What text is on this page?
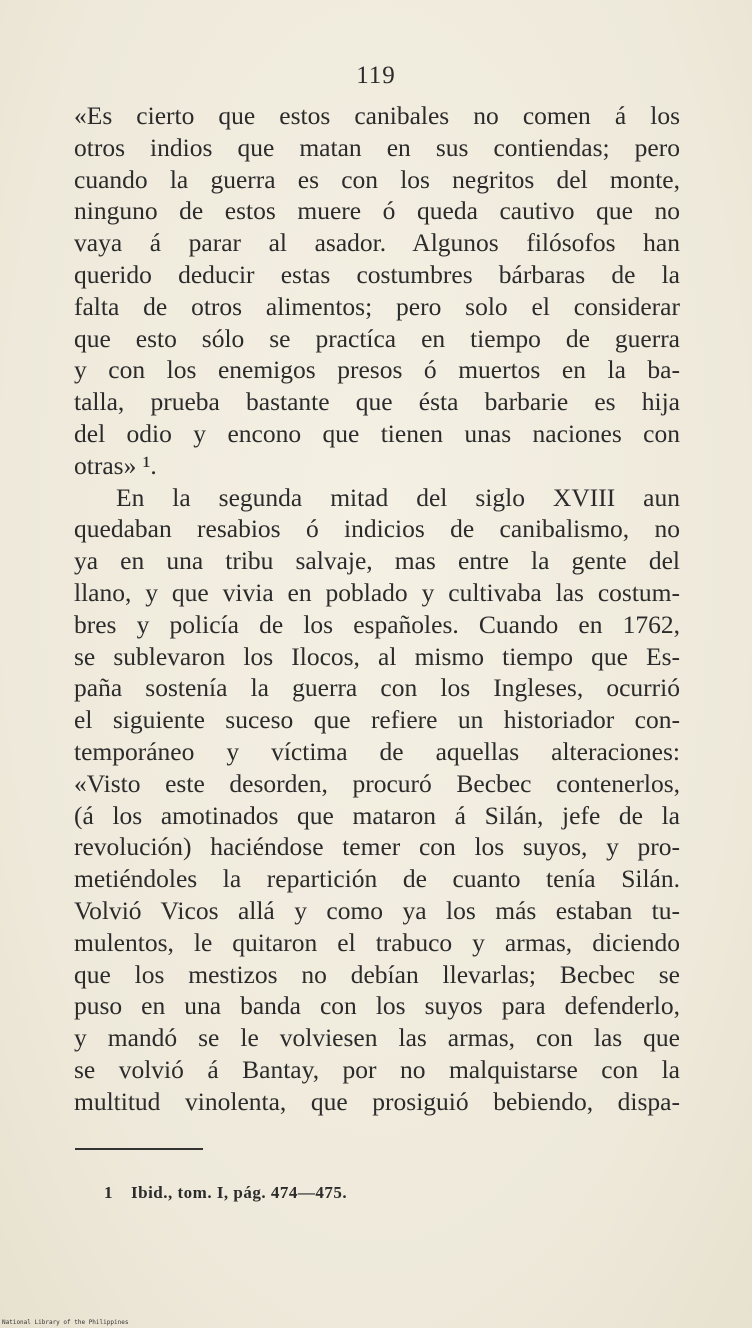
119
«Es cierto que estos canibales no comen á los
otros indios que matan en sus contiendas; pero
cuando la guerra es con los negritos del monte,
ninguno de estos muere ó queda cautivo que no
vaya á parar al asador. Algunos filósofos han
querido deducir estas costumbres bárbaras de la
falta de otros alimentos; pero solo el considerar
que esto sólo se practíca en tiempo de guerra
y con los enemigos presos ó muertos en la ba-
talla, prueba bastante que ésta barbarie es hija
del odio y encono que tienen unas naciones con
otras» ¹.
En la segunda mitad del siglo XVIII aun
quedaban resabios ó indicios de canibalismo, no
ya en una tribu salvaje, mas entre la gente del
llano, y que vivia en poblado y cultivaba las costum-
bres y policía de los españoles. Cuando en 1762,
se sublevaron los Ilocos, al mismo tiempo que Es-
paña sostenía la guerra con los Ingleses, ocurrió
el siguiente suceso que refiere un historiador con-
temporáneo y víctima de aquellas alteraciones:
«Visto este desorden, procuró Becbec contenerlos,
(á los amotinados que mataron á Silán, jefe de la
revolución) haciéndose temer con los suyos, y pro-
metiéndoles la repartición de cuanto tenía Silán.
Volvió Vicos allá y como ya los más estaban tu-
mulentos, le quitaron el trabuco y armas, diciendo
que los mestizos no debían llevarlas; Becbec se
puso en una banda con los suyos para defenderlo,
y mandó se le volviesen las armas, con las que
se volvió á Bantay, por no malquistarse con la
multitud vinolenta, que prosiguió bebiendo, dispa-
1 Ibid., tom. I, pág. 474—475.
National Library of the Philippines
